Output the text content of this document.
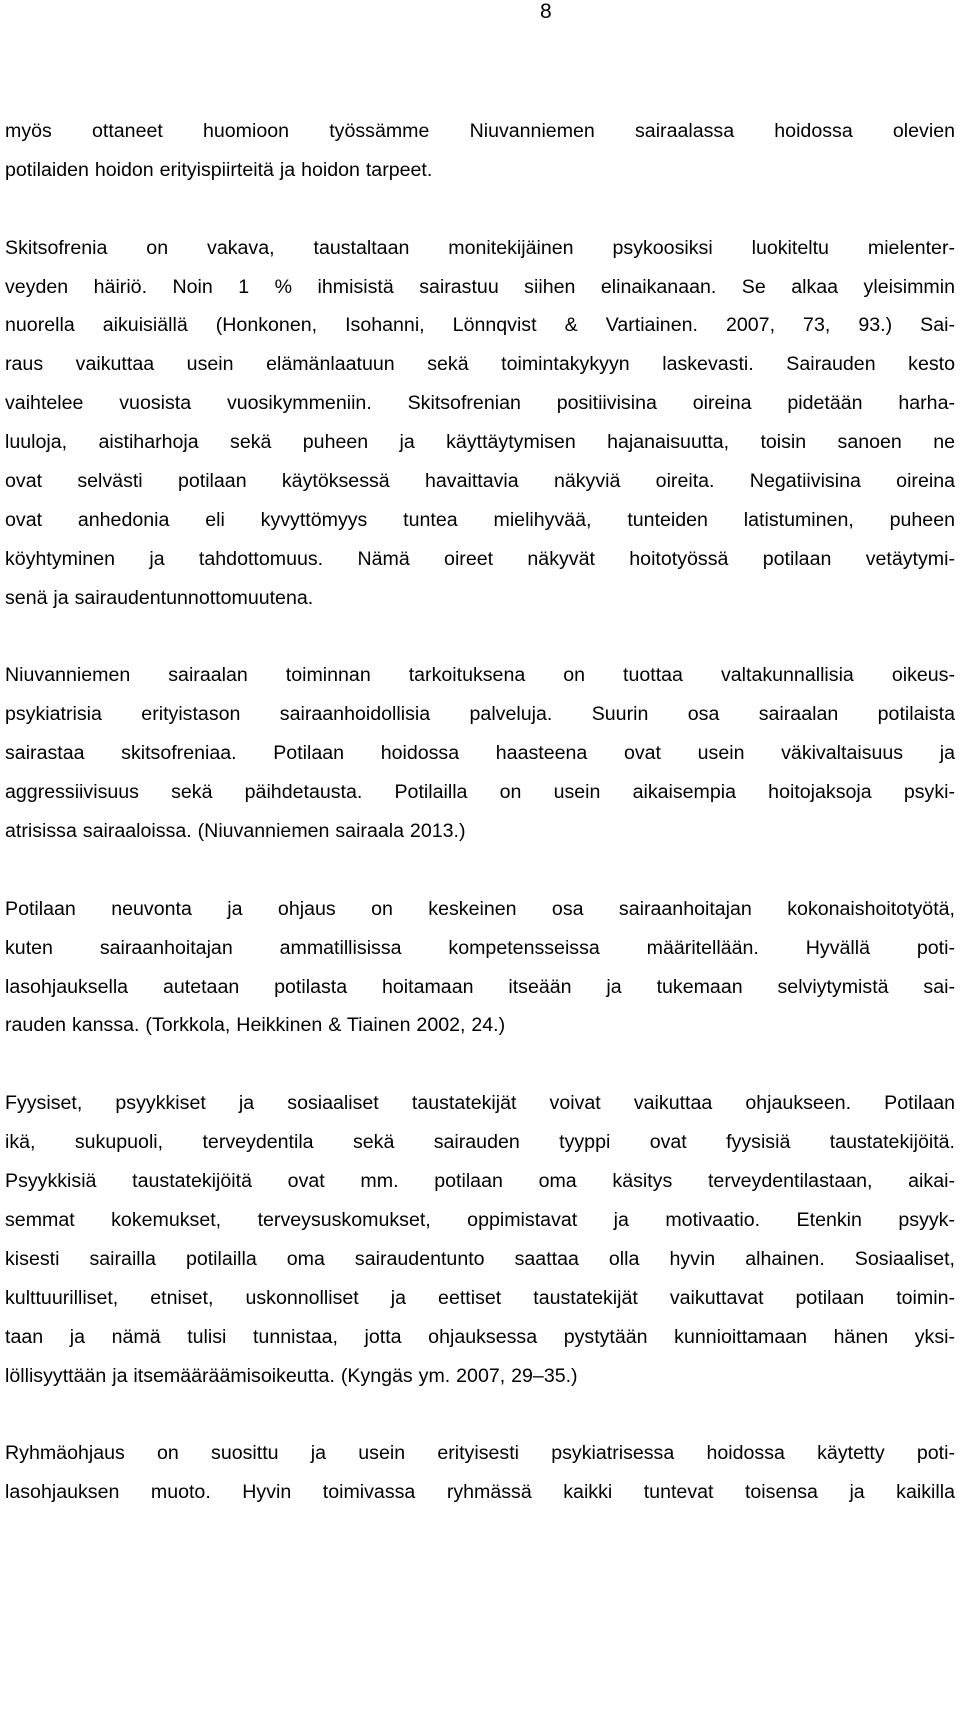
8
myös ottaneet huomioon työssämme Niuvanniemen sairaalassa hoidossa olevien
potilaiden hoidon erityispiirteitä ja hoidon tarpeet.
Skitsofrenia on vakava, taustaltaan monitekijäinen psykoosiksi luokiteltu mielenter-
veyden häiriö. Noin 1 % ihmisistä sairastuu siihen elinaikanaan. Se alkaa yleisimmin
nuorella aikuisiällä (Honkonen, Isohanni, Lönnqvist & Vartiainen. 2007, 73, 93.) Sai-
raus vaikuttaa usein elämänlaatuun sekä toimintakykyyn laskevasti. Sairauden kesto
vaihtelee vuosista vuosikymmeniin. Skitsofrenian positiivisina oireina pidetään harha-
luuloja, aistiharhoja sekä puheen ja käyttäytymisen hajanaisuutta, toisin sanoen ne
ovat selvästi potilaan käytöksessä havaittavia näkyviä oireita. Negatiivisina oireina
ovat anhedonia eli kyvyttömyys tuntea mielihyvää, tunteiden latistuminen, puheen
köyhtyminen ja tahdottomuus. Nämä oireet näkyvät hoitotyössä potilaan vetäytymi-
senä ja sairaudentunnottomuutena.
Niuvanniemen sairaalan toiminnan tarkoituksena on tuottaa valtakunnallisia oikeus-
psykiatrisia erityistason sairaanhoidollisia palveluja. Suurin osa sairaalan potilaista
sairastaa skitsofreniaa. Potilaan hoidossa haasteena ovat usein väkivaltaisuus ja
aggressiivisuus sekä päihdetausta. Potilailla on usein aikaisempia hoitojaksoja psyki-
atrisissa sairaaloissa. (Niuvanniemen sairaala 2013.)
Potilaan neuvonta ja ohjaus on keskeinen osa sairaanhoitajan kokonaishoitotyötä,
kuten sairaanhoitajan ammatillisissa kompetensseissa määritellään. Hyvällä poti-
lasohjauksella autetaan potilasta hoitamaan itseään ja tukemaan selviytymistä sai-
rauden kanssa. (Torkkola, Heikkinen & Tiainen 2002, 24.)
Fyysiset, psyykkiset ja sosiaaliset taustatekijät voivat vaikuttaa ohjaukseen. Potilaan
ikä, sukupuoli, terveydentila sekä sairauden tyyppi ovat fyysisiä taustatekijöitä.
Psyykkisiä taustatekijöitä ovat mm. potilaan oma käsitys terveydentilastaan, aikai-
semmat kokemukset, terveysuskomukset, oppimistavat ja motivaatio. Etenkin psyyk-
kisesti sairailla potilailla oma sairaudentunto saattaa olla hyvin alhainen. Sosiaaliset,
kulttuurilliset, etniset, uskonnolliset ja eettiset taustatekijät vaikuttavat potilaan toimin-
taan ja nämä tulisi tunnistaa, jotta ohjauksessa pystytään kunnioittamaan hänen yksi-
löllisyyttään ja itsemääräämisoikeutta. (Kyngäs ym. 2007, 29–35.)
Ryhmäohjaus on suosittu ja usein erityisesti psykiatrisessa hoidossa käytetty poti-
lasohjauksen muoto. Hyvin toimivassa ryhmässä kaikki tuntevat toisensa ja kaikilla
